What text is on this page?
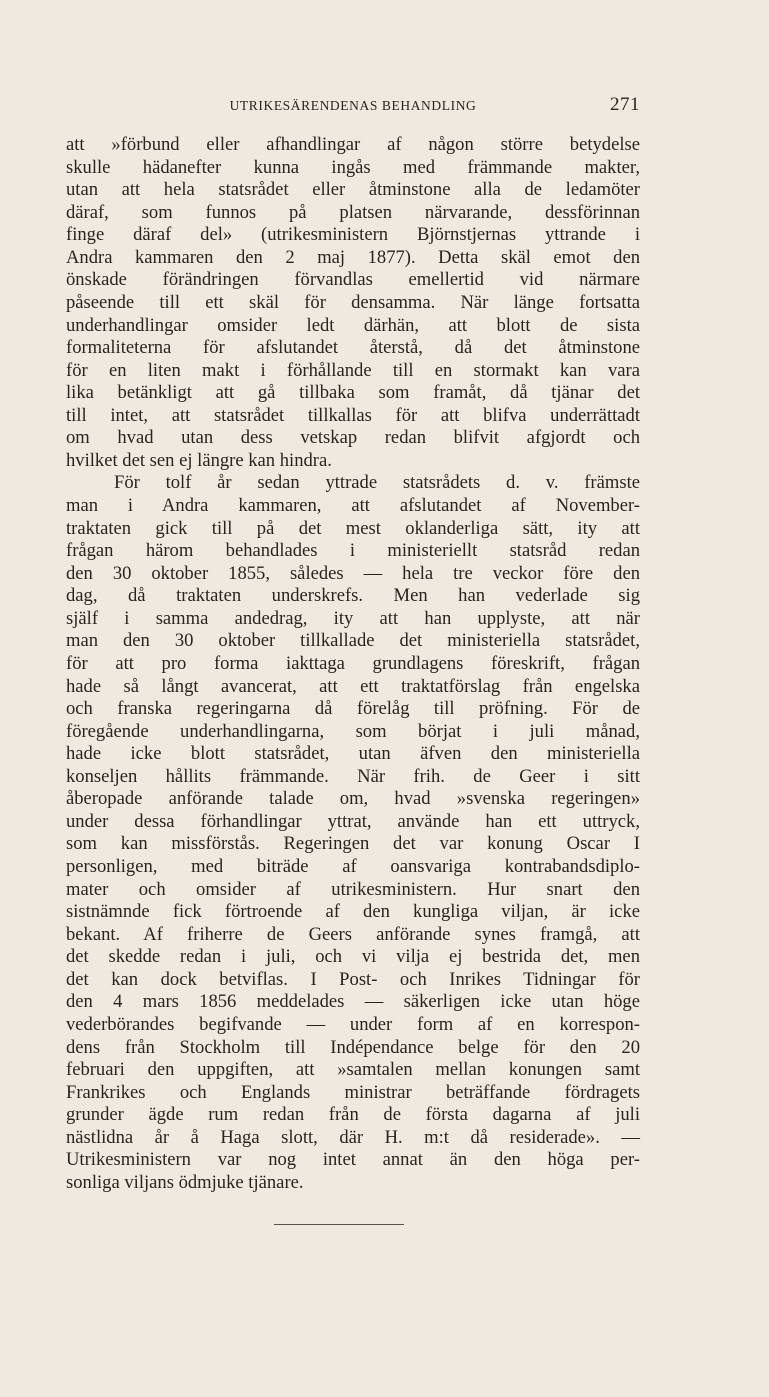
UTRIKESÄRENDENAS BEHANDLING	271
att »förbund eller afhandlingar af någon större betydelse
skulle hädanefter kunna ingås med främmande makter,
utan att hela statsrådet eller åtminstone alla de ledamöter
däraf, som funnos på platsen närvarande, dessförinnan
finge däraf del» (utrikesministern Björnstjernas yttrande i
Andra kammaren den 2 maj 1877). Detta skäl emot den
önskade förändringen förvandlas emellertid vid närmare
påseende till ett skäl för densamma. När länge fortsatta
underhandlingar omsider ledt därhän, att blott de sista
formaliteterna för afslutandet återstå, då det åtminstone
för en liten makt i förhållande till en stormakt kan vara
lika betänkligt att gå tillbaka som framåt, då tjänar det
till intet, att statsrådet tillkallas för att blifva underrättadt
om hvad utan dess vetskap redan blifvit afgjordt och
hvilket det sen ej längre kan hindra.
För tolf år sedan yttrade statsrådets d. v. främste
man i Andra kammaren, att afslutandet af November-
traktaten gick till på det mest oklanderliga sätt, ity att
frågan härom behandlades i ministeriellt statsråd redan
den 30 oktober 1855, således — hela tre veckor före den
dag, då traktaten underskrefs. Men han vederlade sig
själf i samma andedrag, ity att han upplyste, att när
man den 30 oktober tillkallade det ministeriella statsrådet,
för att pro forma iakttaga grundlagens föreskrift, frågan
hade så långt avancerat, att ett traktatförslag från engelska
och franska regeringarna då förelåg till pröfning. För de
föregående underhandlingarna, som börjat i juli månad,
hade icke blott statsrådet, utan äfven den ministeriella
konseljen hållits främmande. När frih. de Geer i sitt
åberopade anförande talade om, hvad »svenska regeringen»
under dessa förhandlingar yttrat, använde han ett uttryck,
som kan missförstås. Regeringen det var konung Oscar I
personligen, med biträde af oansvariga kontrabandsdiplo-
mater och omsider af utrikesministern. Hur snart den
sistnämnde fick förtroende af den kungliga viljan, är icke
bekant. Af friherre de Geers anförande synes framgå, att
det skedde redan i juli, och vi vilja ej bestrida det, men
det kan dock betviflas. I Post- och Inrikes Tidningar för
den 4 mars 1856 meddelades — säkerligen icke utan höge
vederbörandes begifvande — under form af en korrespon-
dens från Stockholm till Indépendance belge för den 20
februari den uppgiften, att »samtalen mellan konungen samt
Frankrikes och Englands ministrar beträffande fördragets
grunder ägde rum redan från de första dagarna af juli
nästlidna år å Haga slott, där H. m:t då residerade». —
Utrikesministern var nog intet annat än den höga per-
sonliga viljans ödmjuke tjänare.
